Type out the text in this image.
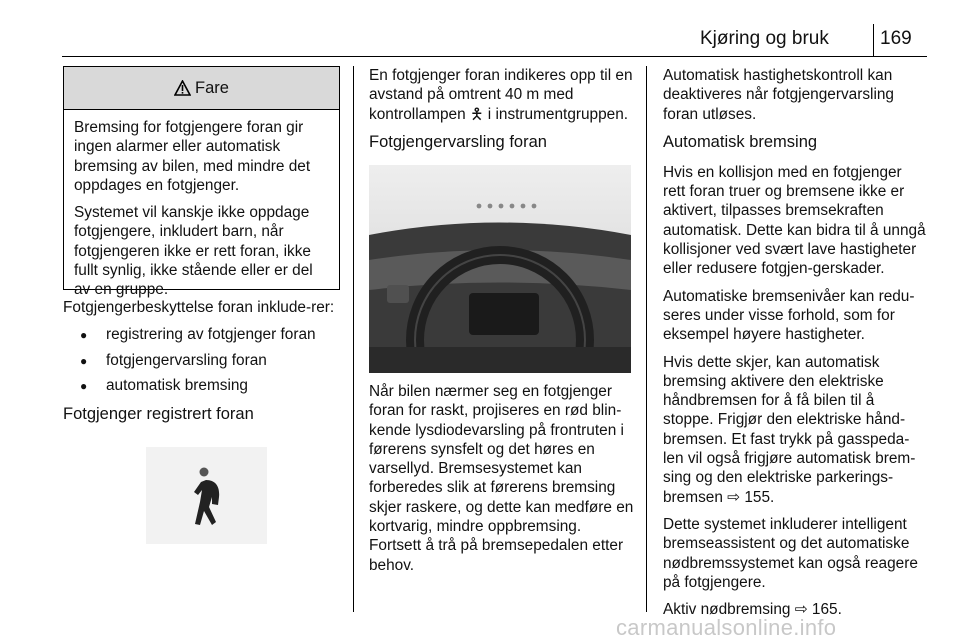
Kjøring og bruk	169
Fare

Bremsing for fotgjengere foran gir ingen alarmer eller automatisk bremsing av bilen, med mindre det oppdages en fotgjenger.

Systemet vil kanskje ikke oppdage fotgjengere, inkludert barn, når fotgjengeren ikke er rett foran, ikke fullt synlig, ikke stående eller er del av en gruppe.

Fotgjengerbeskyttelse foran inklude-rer:

● registrering av fotgjenger foran
● fotgjengervarsling foran
● automatisk bremsing
Fotgjenger registrert foran

En fotgjenger foran indikeres opp til en avstand på omtrent 40 m med kontrollampen 🯅 i instrumentgruppen.

Fotgjengervarsling foran

Når bilen nærmer seg en fotgjenger foran for raskt, projiseres en rød blin-kende lysdiodevarsling på frontruten i førerens synsfelt og det høres en varsellyd. Bremsesystemet kan forberedes slik at førerens bremsing skjer raskere, og dette kan medføre en kortvarig, mindre oppbremsing. Fortsett å trå på bremsepedalen etter behov.

Automatisk hastighetskontroll kan deaktiveres når fotgjengervarsling foran utløses.

Automatisk bremsing

Hvis en kollisjon med en fotgjenger rett foran truer og bremsene ikke er aktivert, tilpasses bremsekraften automatisk. Dette kan bidra til å unngå kollisjoner ved svært lave hastigheter eller redusere fotgjen-gerskader.

Automatiske bremsenivåer kan redu-seres under visse forhold, som for eksempel høyere hastigheter.

Hvis dette skjer, kan automatisk bremsing aktivere den elektriske håndbremsen for å få bilen til å stoppe. Frigjør den elektriske hånd-bremsen. Et fast trykk på gasspeda-len vil også frigjøre automatisk brem-sing og den elektriske parkerings-bremsen ⇨ 155.

Dette systemet inkluderer intelligent bremseassistent og det automatiske nødbremssystemet kan også reagere på fotgjengere.

Aktiv nødbremsing ⇨ 165.

carmanualsonline.info
